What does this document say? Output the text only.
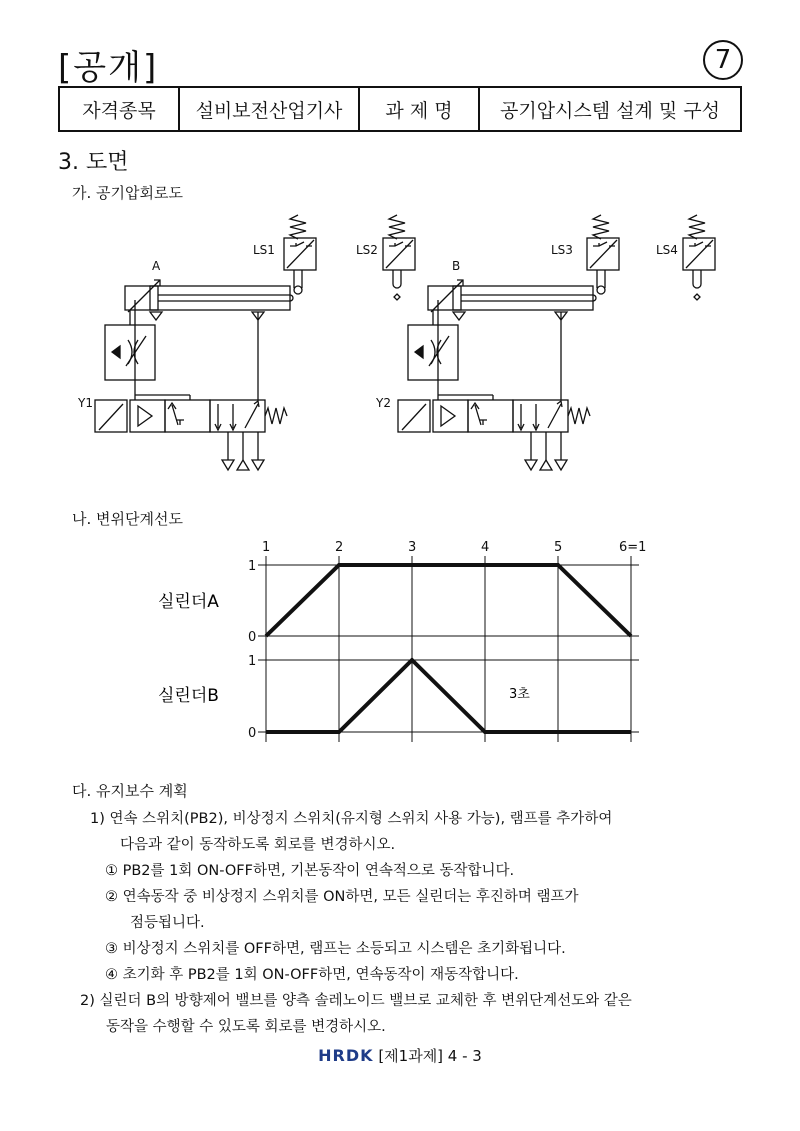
[공개]	7
자격종목	설비보전산업기사	과 제 명	공기압시스템 설계 및 구성
3. 도면
가. 공기압회로도
A	B
LS1	LS2	LS3	LS4
Y1	Y2
나. 변위단계선도
1	2	3	4	5	6=1
1
0
1
0
실린더A
실린더B	3초
다. 유지보수 계획
1) 연속 스위치(PB2), 비상정지 스위치(유지형 스위치 사용 가능), 램프를 추가하여
다음과 같이 동작하도록 회로를 변경하시오.
① PB2를 1회 ON-OFF하면, 기본동작이 연속적으로 동작합니다.
② 연속동작 중 비상정지 스위치를 ON하면, 모든 실린더는 후진하며 램프가
점등됩니다.
③ 비상정지 스위치를 OFF하면, 램프는 소등되고 시스템은 초기화됩니다.
④ 초기화 후 PB2를 1회 ON-OFF하면, 연속동작이 재동작합니다.
2) 실린더 B의 방향제어 밸브를 양측 솔레노이드 밸브로 교체한 후 변위단계선도와 같은
동작을 수행할 수 있도록 회로를 변경하시오.
HRDK [제1과제] 4 - 3
